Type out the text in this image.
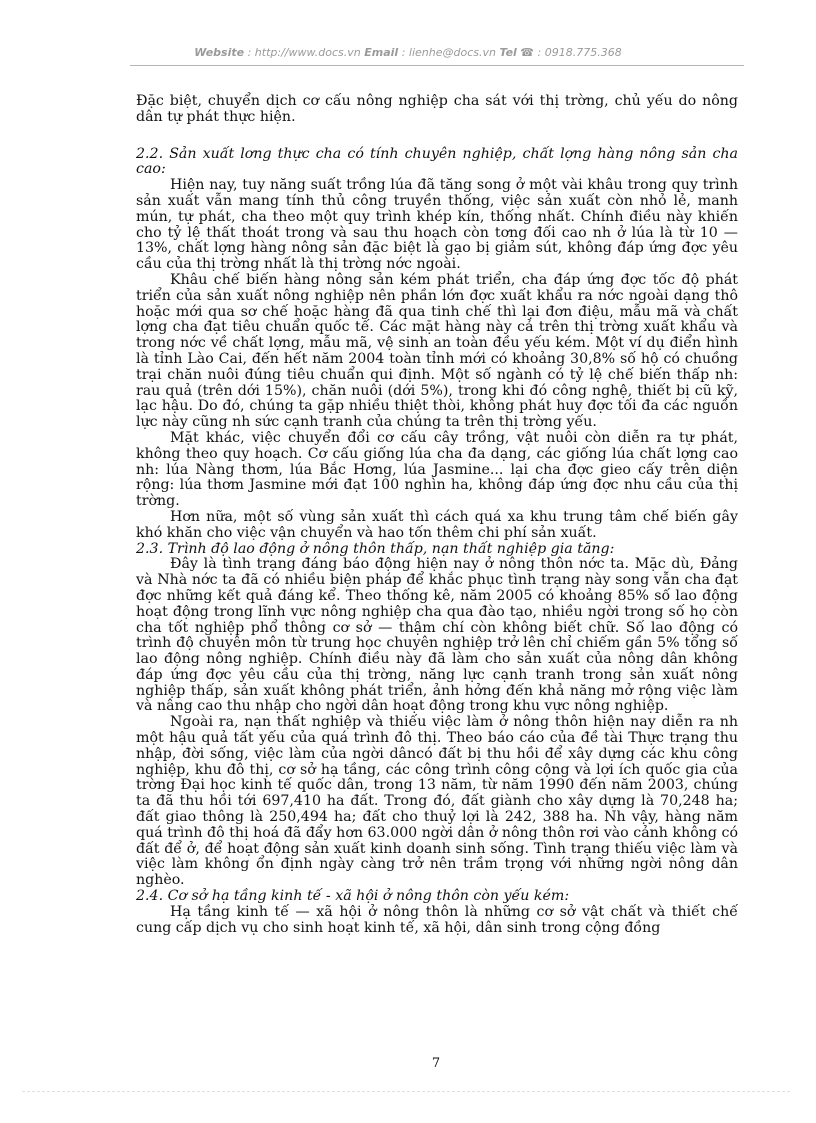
Website : http://www.docs.vn Email : lienhe@docs.vn Tel ☎ : 0918.775.368

Đặc biệt, chuyển dịch cơ cấu nông nghiệp cha sát với thị trờng, chủ yếu do nông dân tự phát thực hiện.

2.2. Sản xuất lơng thực cha có tính chuyên nghiệp, chất lợng hàng nông sản cha cao:

Hiện nay, tuy năng suất trồng lúa đã tăng song ở một vài khâu trong quy trình sản xuất vẫn mang tính thủ công truyền thống, việc sản xuất còn nhỏ lẻ, manh mún, tự phát, cha theo một quy trình khép kín, thống nhất. Chính điều này khiến cho tỷ lệ thất thoát trong và sau thu hoạch còn tơng đối cao nh ở lúa là từ 10 — 13%, chất lợng hàng nông sản đặc biệt là gạo bị giảm sút, không đáp ứng đợc yêu cầu của thị trờng nhất là thị trờng nớc ngoài.

Khâu chế biến hàng nông sản kém phát triển, cha đáp ứng đợc tốc độ phát triển của sản xuất nông nghiệp nên phần lớn đợc xuất khẩu ra nớc ngoài dạng thô hoặc mới qua sơ chế hoặc hàng đã qua tinh chế thì lại đơn điệu, mẫu mã và chất lợng cha đạt tiêu chuẩn quốc tế. Các mặt hàng này cả trên thị trờng xuất khẩu và trong nớc về chất lợng, mẫu mã, vệ sinh an toàn đều yếu kém. Một ví dụ điển hình là tỉnh Lào Cai, đến hết năm 2004 toàn tỉnh mới có khoảng 30,8% số hộ có chuồng trại chăn nuôi đúng tiêu chuẩn qui định. Một số ngành có tỷ lệ chế biến thấp nh: rau quả (trên dới 15%), chăn nuôi (dới 5%), trong khi đó công nghệ, thiết bị cũ kỹ, lạc hậu. Do đó, chúng ta gặp nhiều thiệt thòi, không phát huy đợc tối đa các nguồn lực này cũng nh sức cạnh tranh của chúng ta trên thị trờng yếu.

Mặt khác, việc chuyển đổi cơ cấu cây trồng, vật nuôi còn diễn ra tự phát, không theo quy hoạch. Cơ cấu giống lúa cha đa dạng, các giống lúa chất lợng cao nh: lúa Nàng thơm, lúa Bắc Hơng, lúa Jasmine... lại cha đợc gieo cấy trên diện rộng: lúa thơm Jasmine mới đạt 100 nghìn ha, không đáp ứng đợc nhu cầu của thị trờng.

Hơn nữa, một số vùng sản xuất thì cách quá xa khu trung tâm chế biến gây khó khăn cho việc vận chuyển và hao tốn thêm chi phí sản xuất.

2.3. Trình độ lao động ở nông thôn thấp, nạn thất nghiệp gia tăng:

Đây là tình trạng đáng báo động hiện nay ở nông thôn nớc ta. Mặc dù, Đảng và Nhà nớc ta đã có nhiều biện pháp để khắc phục tình trạng này song vẫn cha đạt đợc những kết quả đáng kể. Theo thống kê, năm 2005 có khoảng 85% số lao động hoạt động trong lĩnh vực nông nghiệp cha qua đào tạo, nhiều ngời trong số họ còn cha tốt nghiệp phổ thông cơ sở — thậm chí còn không biết chữ. Số lao động có trình độ chuyên môn từ trung học chuyên nghiệp trở lên chỉ chiếm gần 5% tổng số lao động nông nghiệp. Chính điều này đã làm cho sản xuất của nông dân không đáp ứng đợc yêu cầu của thị trờng, năng lực cạnh tranh trong sản xuất nông nghiệp thấp, sản xuất không phát triển, ảnh hởng đến khả năng mở rộng việc làm và nâng cao thu nhập cho ngời dân hoạt động trong khu vực nông nghiệp.

Ngoài ra, nạn thất nghiệp và thiếu việc làm ở nông thôn hiện nay diễn ra nh một hậu quả tất yếu của quá trình đô thị. Theo báo cáo của đề tài Thực trạng thu nhập, đời sống, việc làm của ngời dâncó đất bị thu hồi để xây dựng các khu công nghiệp, khu đô thị, cơ sở hạ tầng, các công trình công cộng và lợi ích quốc gia của trờng Đại học kinh tế quốc dân, trong 13 năm, từ năm 1990 đến năm 2003, chúng ta đã thu hồi tới 697,410 ha đất. Trong đó, đất giành cho xây dựng là 70,248 ha; đất giao thông là 250,494 ha; đất cho thuỷ lợi là 242, 388 ha. Nh vậy, hàng năm quá trình đô thị hoá đã đẩy hơn 63.000 ngời dân ở nông thôn rơi vào cảnh không có đất để ở, để hoạt động sản xuất kinh doanh sinh sống. Tình trạng thiếu việc làm và việc làm không ổn định ngày càng trở nên trầm trọng với những ngời nông dân nghèo.

2.4. Cơ sở hạ tầng kinh tế - xã hội ở nông thôn còn yếu kém:

Hạ tầng kinh tế — xã hội ở nông thôn là những cơ sở vật chất và thiết chế cung cấp dịch vụ cho sinh hoạt kinh tế, xã hội, dân sinh trong cộng đồng

7
